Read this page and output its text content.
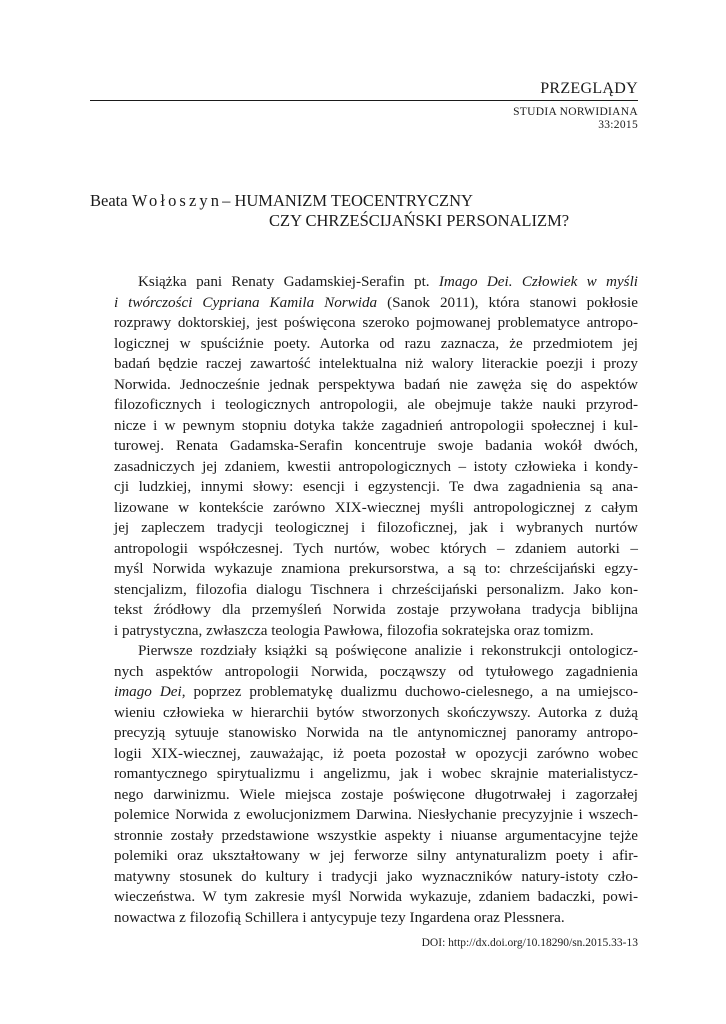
PRZEGLĄDY
STUDIA NORWIDIANA
33:2015
Beata Wołoszyn– HUMANIZM TEOCENTRYCZNY
CZY CHRZEŚCIJAŃSKI PERSONALIZM?
Książka pani Renaty Gadamskiej-Serafin pt. Imago Dei. Człowiek w myśli
i twórczości Cypriana Kamila Norwida (Sanok 2011), która stanowi pokłosie
rozprawy doktorskiej, jest poświęcona szeroko pojmowanej problematyce antropo-
logicznej w spuściźnie poety. Autorka od razu zaznacza, że przedmiotem jej
badań będzie raczej zawartość intelektualna niż walory literackie poezji i prozy
Norwida. Jednocześnie jednak perspektywa badań nie zawęża się do aspektów
filozoficznych i teologicznych antropologii, ale obejmuje także nauki przyrod-
nicze i w pewnym stopniu dotyka także zagadnień antropologii społecznej i kul-
turowej. Renata Gadamska-Serafin koncentruje swoje badania wokół dwóch,
zasadniczych jej zdaniem, kwestii antropologicznych – istoty człowieka i kondy-
cji ludzkiej, innymi słowy: esencji i egzystencji. Te dwa zagadnienia są ana-
lizowane w kontekście zarówno XIX-wiecznej myśli antropologicznej z całym
jej zapleczem tradycji teologicznej i filozoficznej, jak i wybranych nurtów
antropologii współczesnej. Tych nurtów, wobec których – zdaniem autorki –
myśl Norwida wykazuje znamiona prekursorstwa, a są to: chrześcijański egzy-
stencjalizm, filozofia dialogu Tischnera i chrześcijański personalizm. Jako kon-
tekst źródłowy dla przemyśleń Norwida zostaje przywołana tradycja biblijna
i patrystyczna, zwłaszcza teologia Pawłowa, filozofia sokratejska oraz tomizm.
Pierwsze rozdziały książki są poświęcone analizie i rekonstrukcji ontologicz-
nych aspektów antropologii Norwida, począwszy od tytułowego zagadnienia
imago Dei, poprzez problematykę dualizmu duchowo-cielesnego, a na umiejsco-
wieniu człowieka w hierarchii bytów stworzonych skończywszy. Autorka z dużą
precyzją sytuuje stanowisko Norwida na tle antynomicznej panoramy antropo-
logii XIX-wiecznej, zauważając, iż poeta pozostał w opozycji zarówno wobec
romantycznego spirytualizmu i angelizmu, jak i wobec skrajnie materialistycz-
nego darwinizmu. Wiele miejsca zostaje poświęcone długotrwałej i zagorzałej
polemice Norwida z ewolucjonizmem Darwina. Niesłychanie precyzyjnie i wszech-
stronnie zostały przedstawione wszystkie aspekty i niuanse argumentacyjne tejże
polemiki oraz ukształtowany w jej ferworze silny antynaturalizm poety i afir-
matywny stosunek do kultury i tradycji jako wyznaczników natury-istoty czło-
wieczeństwa. W tym zakresie myśl Norwida wykazuje, zdaniem badaczki, powi-
nowactwa z filozofią Schillera i antycypuje tezy Ingardena oraz Plessnera.
DOI: http://dx.doi.org/10.18290/sn.2015.33-13
